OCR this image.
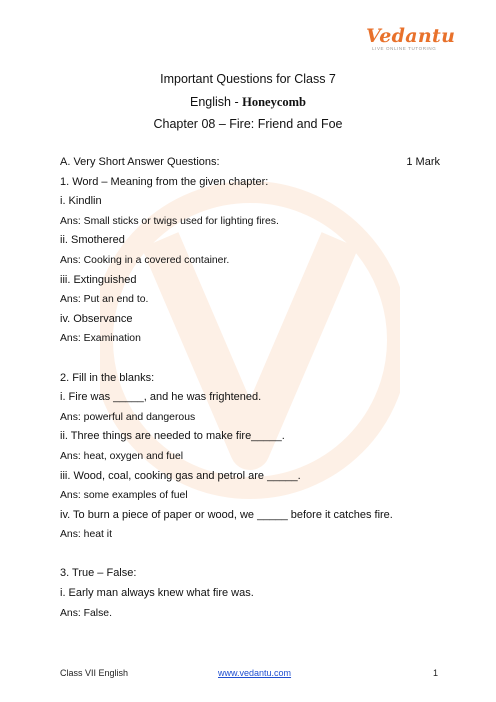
Vedantu
LIVE ONLINE TUTORING
Important Questions for Class 7
English - Honeycomb
Chapter 08 – Fire: Friend and Foe
A. Very Short Answer Questions:	1 Mark
1. Word – Meaning from the given chapter:
i. Kindlin
Ans: Small sticks or twigs used for lighting fires.
ii. Smothered
Ans: Cooking in a covered container.
iii. Extinguished
Ans: Put an end to.
iv. Observance
Ans: Examination
2. Fill in the blanks:
i. Fire was _____, and he was frightened.
Ans: powerful and dangerous
ii. Three things are needed to make fire_____.
Ans: heat, oxygen and fuel
iii. Wood, coal, cooking gas and petrol are _____.
Ans: some examples of fuel
iv. To burn a piece of paper or wood, we _____ before it catches fire.
Ans: heat it
3. True – False:
i. Early man always knew what fire was.
Ans: False.
Class VII English	www.vedantu.com	1
